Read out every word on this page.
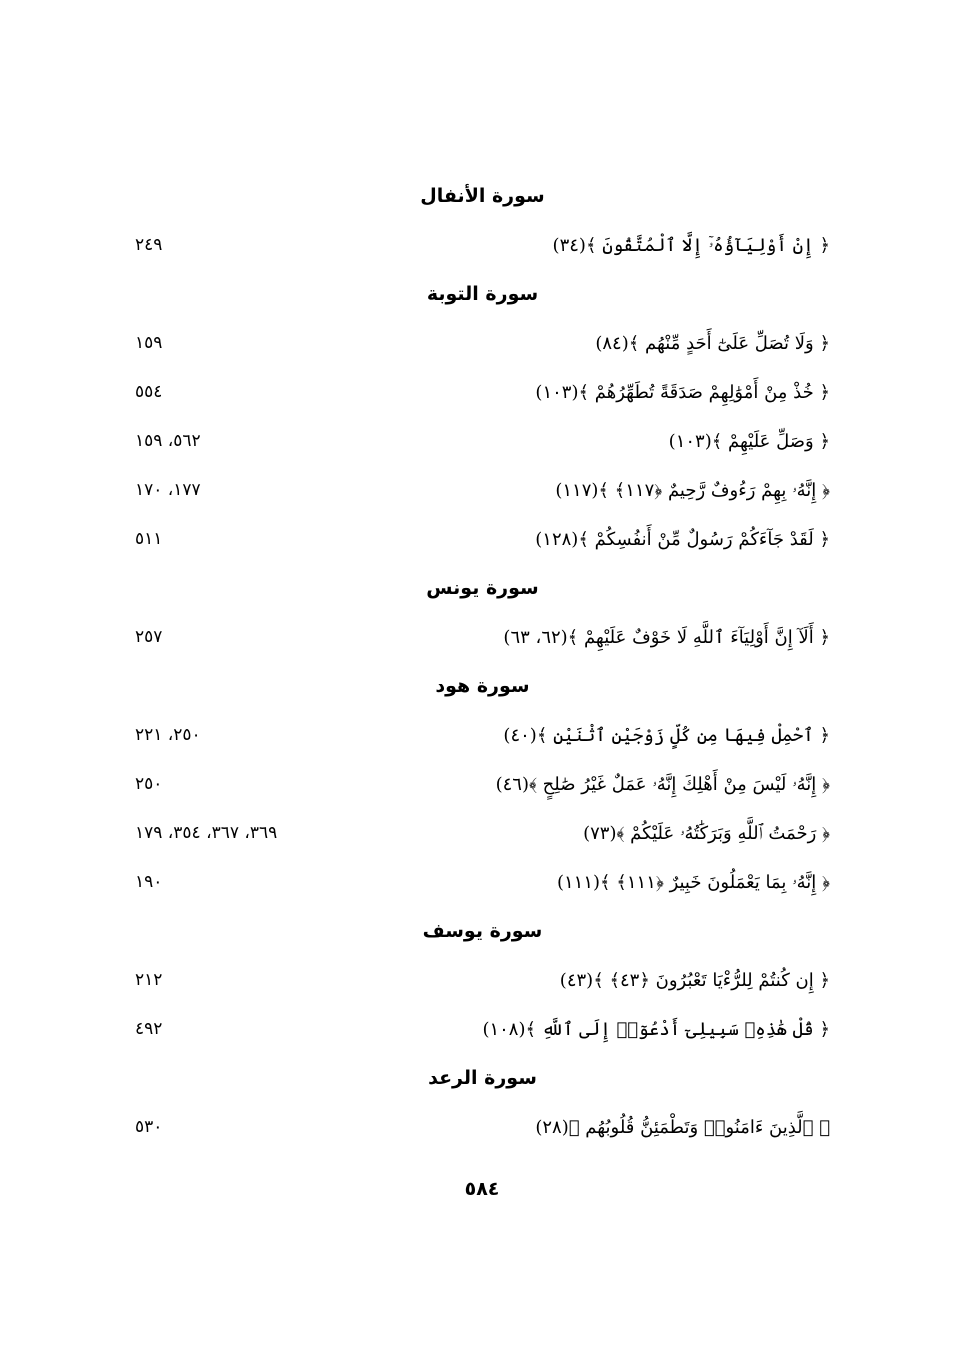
سورة الأنفال
﴿ إِنْ أَوْلِيَآؤُهُۥٓ إِلَّا ٱلْمُتَّقُونَ ﴾(٣٤)
٢٤٩
سورة التوبة
﴿ وَلَا تُصَلِّ عَلَىٰٓ أَحَدٍ مِّنْهُم ﴾(٨٤)
١٥٩
﴿ خُذْ مِنْ أَمْوَٰلِهِمْ صَدَقَةً تُطَهِّرُهُمْ ﴾(١٠٣)
٥٥٤
﴿ وَصَلِّ عَلَيْهِمْ ﴾(١٠٣)
٥٦٢، ١٥٩
﴿ إِنَّهُۥ بِهِمْ رَءُوفٌ رَّحِيمٌ ﴿١١٧﴾ ﴾(١١٧)
١٧٧، ١٧٠
﴿ لَقَدْ جَآءَكُمْ رَسُولٌ مِّنْ أَنفُسِكُمْ ﴾(١٢٨)
٥١١
سورة يونس
﴿ أَلَآ إِنَّ أَوْلِيَآءَ ٱللَّهِ لَا خَوْفٌ عَلَيْهِمْ ﴾(٦٢، ٦٣)
٢٥٧
سورة هود
﴿ ٱحْمِلْ فِيهَا مِن كُلٍّ زَوْجَيْنِ ٱثْنَيْنِ ﴾(٤٠)
٢٥٠، ٢٢١
﴿ إِنَّهُۥ لَيْسَ مِنْ أَهْلِكَ إِنَّهُۥ عَمَلٌ غَيْرُ صَٰلِحٍ ﴾(٤٦)
٢٥٠
﴿ رَحْمَتُ ٱللَّهِ وَبَرَكَٰتُهُۥ عَلَيْكُمْ ﴾(٧٣)
٣٦٩، ٣٦٧، ٣٥٤، ١٧٩
﴿ إِنَّهُۥ بِمَا يَعْمَلُونَ خَبِيرٌ ﴿١١١﴾ ﴾(١١١)
١٩٠
سورة يوسف
﴿ إِن كُنتُمْ لِلرُّءْيَا تَعْبُرُونَ ﴿٤٣﴾ ﴾(٤٣)
٢١٢
﴿ قُلْ هَٰذِهِۦ سَبِيلِىٓ أَدْعُوٓا۟ إِلَى ٱللَّهِ ﴾(١٠٨)
٤٩٢
سورة الرعد
﴿ ٱلَّذِينَ ءَامَنُوا۟ وَتَطْمَئِنُّ قُلُوبُهُم ﴾(٢٨)
٥٣٠
٥٨٤
